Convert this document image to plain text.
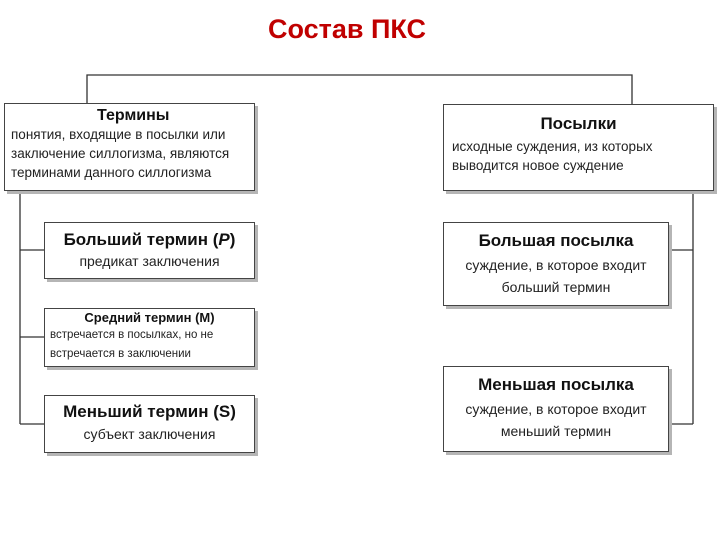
Состав ПКС
Термины
понятия, входящие в посылки или
заключение силлогизма, являются
терминами данного силлогизма
Посылки
исходные суждения, из которых
выводится новое суждение
Больший термин (P)
предикат заключения
Средний термин (М)
встречается в посылках, но не
встречается в заключении
Меньший термин (S)
субъект заключения
Большая посылка
суждение, в которое входит
больший термин
Меньшая посылка
суждение, в которое входит
меньший термин
